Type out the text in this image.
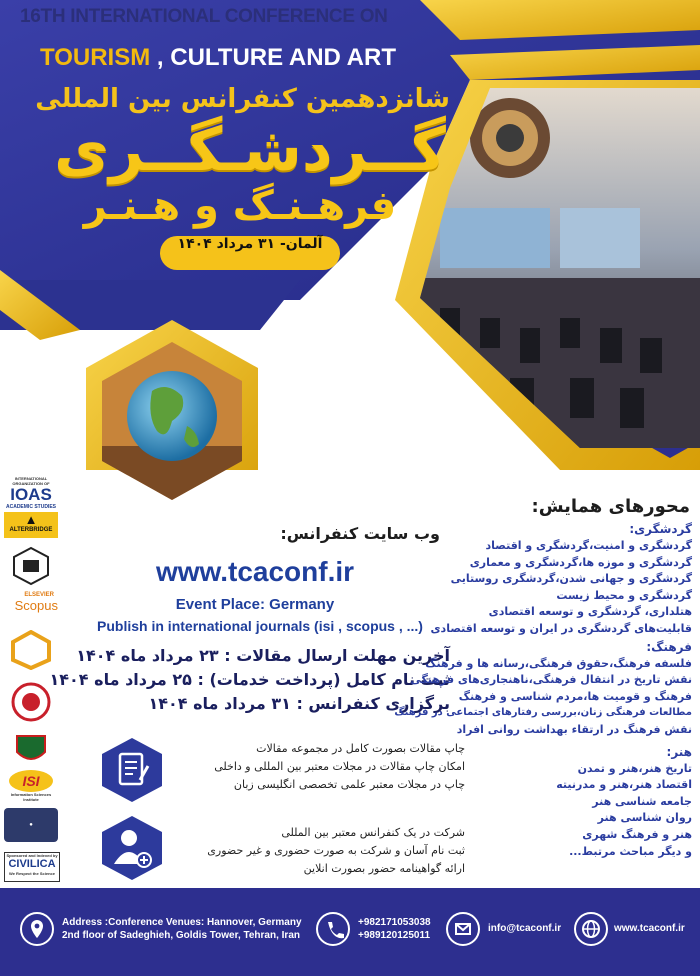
16TH INTERNATIONAL CONFERENCE ON
TOURISM , CULTURE AND ART
شانزدهمین کنفرانس بین المللی
گــردشـگــری
فرهـنـگ و هـنـر
آلمان- ۳۱ مرداد ۱۴۰۴
INTERNATIONAL ORGANIZATION OF
IOAS
ACADEMIC STUDIES
▲
ALTERBRIDGE
ELSEVIER
Scopus
ISI
Information Sciences Institute
●
Sponsored and Indexed by
CIVILICA
We Respect the Science
وب سایت کنفرانس:
www.tcaconf.ir
Event Place: Germany
Publish in international journals (isi , scopus , ...)
آخرین مهلت ارسال مقالات : ۲۳ مرداد ماه ۱۴۰۴
ثبت نام کامل (پرداخت خدمات) : ۲۵ مرداد ماه ۱۴۰۴
برگزاری کنفرانس : ۳۱ مرداد ماه ۱۴۰۴
چاپ مقالات بصورت کامل در مجموعه مقالات
امکان چاپ مقالات در مجلات معتبر بین المللی و داخلی
چاپ در مجلات معتبر علمی تخصصی انگلیسی زبان
شرکت در یک کنفرانس معتبر بین المللی
ثبت نام آسان و شرکت به صورت حضوری و غیر حضوری
ارائه گواهینامه حضور بصورت انلاین
محورهای همایش:
گردشگری:
گردشگری و امنیت،گردشگری و اقتصاد
گردشگری و موزه ها،گردشگری و معماری
گردشگری و جهانی شدن،گردشگری روستایی
گردشگری و محیط زیست
هتلداری، گردشگری و توسعه اقتصادی
قابلیت‌های گردشگری در ایران و توسعه اقتصادی
فرهنگ:
فلسفه فرهنگ،حقوق فرهنگی،رسانه ها و فرهنگ
نقش تاریخ در انتقال فرهنگی،ناهنجاری‌های فرهنگی
فرهنگ و قومیت ها،مردم شناسی و فرهنگ
مطالعات فرهنگی زنان،بررسی رفتارهای اجتماعی در فرهنگ
نقش فرهنگ در ارتقاء بهداشت روانی افراد
هنر:
تاریخ هنر،هنر و تمدن
اقتصاد هنر،هنر و مدرنیته
جامعه شناسی هنر
روان شناسی هنر
هنر و فرهنگ شهری
و دیگر مباحث مرتبط...
Address :Conference Venues: Hannover, Germany
2nd floor of Sadeghieh, Goldis Tower, Tehran, Iran
+982171053038
+989120125011
info@tcaconf.ir	www.tcaconf.ir
